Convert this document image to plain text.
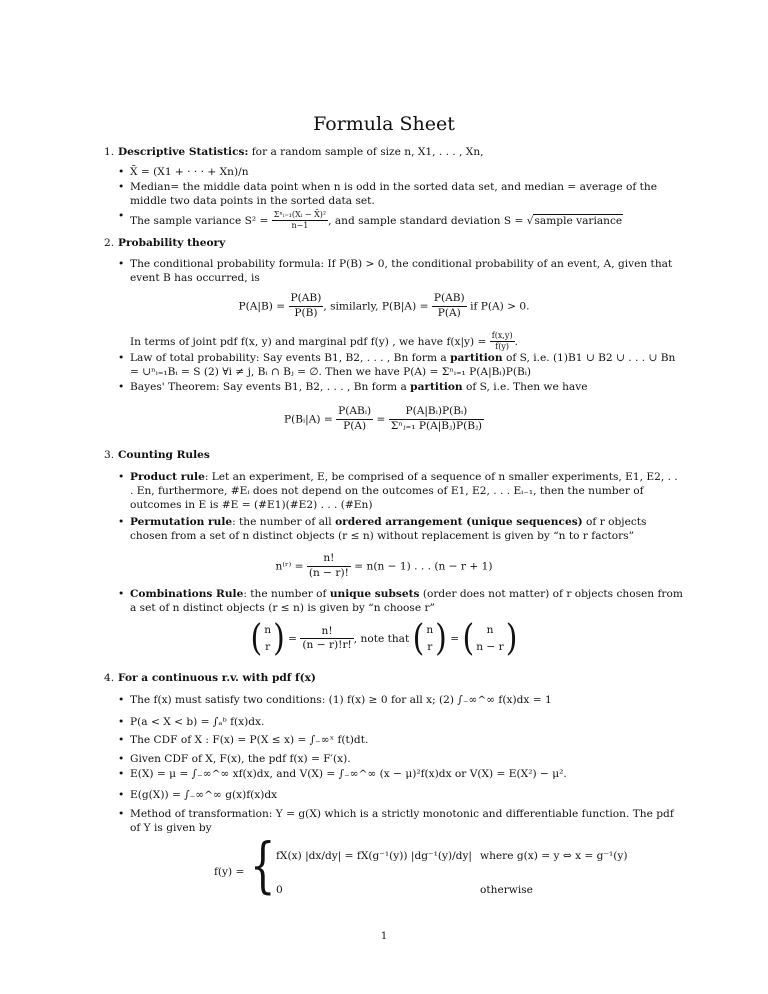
Formula Sheet
1. Descriptive Statistics: for a random sample of size n, X1, . . . , Xn,
• X̄ = (X1 + · · · + Xn)/n
• Median= the middle data point when n is odd in the sorted data set, and median = average of the middle two data points in the sorted data set.
• The sample variance $S^2 = \frac{\text{Σⁿᵢ₌₁(Xᵢ − X̄)²}}{n-1}$ , and sample standard deviation S = √sample variance
2. Probability theory
• The conditional probability formula: If P(B) > 0, the conditional probability of an event, A, given that event B has occurred, is
$P(A|B) = \frac{P(AB)}{P(B)}$ , similarly, $P(B|A) = \frac{P(AB)}{P(A)}$ if P(A) > 0.
In terms of joint pdf f(x, y) and marginal pdf f(y) , we have $f(x|y) = \frac{f(x,y)}{f(y)}$ .
• Law of total probability: Say events B1, B2, . . . , Bn form a partition of S, i.e. (1)B1 ∪ B2 ∪ . . . ∪ Bn = ∪ⁿᵢ₌₁Bᵢ = S (2) ∀i ≠ j, Bᵢ ∩ Bⱼ = ∅. Then we have P(A) = Σⁿᵢ₌₁ P(A|Bᵢ)P(Bᵢ)
• Bayes' Theorem: Say events B1, B2, . . . , Bn form a partition of S, i.e. Then we have
P(Bᵢ|A) = $\frac{\text{P(ABᵢ)}}{P(A)} = \frac{\text{P(A|Bᵢ)P(Bᵢ)}}{\text{Σⁿⱼ₌₁ P(A|Bⱼ)P(Bⱼ)}}$
3. Counting Rules
• Product rule: Let an experiment, E, be comprised of a sequence of n smaller experiments, E1, E2, . . . En, furthermore, #Eᵢ does not depend on the outcomes of E1, E2, . . . Eᵢ₋₁, then the number of outcomes in E is #E = (#E1)(#E2) . . . (#En)
• Permutation rule: the number of all ordered arrangement (unique sequences) of r objects chosen from a set of n distinct objects (r ≤ n) without replacement is given by “n to r factors”
n⁽ʳ⁾ = $\frac{n!}{(n - r)!} = n(n - 1)$ . . . (n − r + 1)
• Combinations Rule: the number of unique subsets (order does not matter) of r objects chosen from a set of n distinct objects (r ≤ n) is given by “n choose r”
( n
r ) = $\frac{n!}{(n - r)!r!}$ , note that ( n
r ) = (	n
n − r )
4. For a continuous r.v. with pdf f(x)
• The f(x) must satisfy two conditions: (1) f(x) ≥ 0 for all x; (2) ∫₋∞^∞ f(x)dx = 1
• P(a < X < b) = ∫ₐᵇ f(x)dx.
• The CDF of X : F(x) = P(X ≤ x) = ∫₋∞ˣ f(t)dt.
• Given CDF of X, F(x), the pdf f(x) = F′(x).
• E(X) = μ = ∫₋∞^∞ xf(x)dx, and V(X) = ∫₋∞^∞ (x − μ)²f(x)dx or V(X) = E(X²) − μ².
• E(g(X)) = ∫₋∞^∞ g(x)f(x)dx
• Method of transformation: Y = g(X) which is a strictly monotonic and differentiable function. The pdf of Y is given by
f(y) = { fX(x) |dx/dy| = fX(g⁻¹(y)) |dg⁻¹(y)/dy| where g(x) = y ⇔ x = g⁻¹(y)
0	otherwise
1
